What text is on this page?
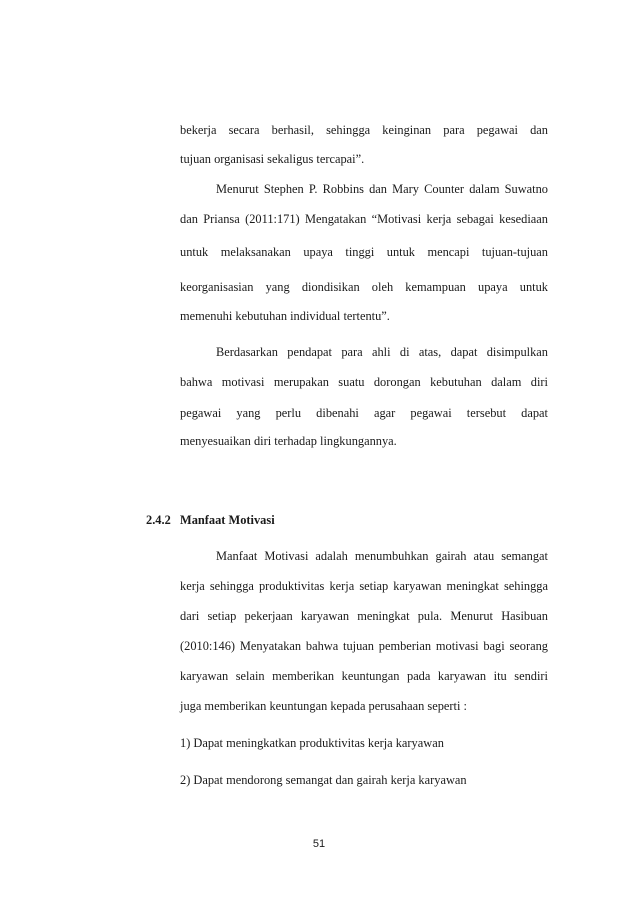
bekerja secara berhasil, sehingga keinginan para pegawai dan
tujuan organisasi sekaligus tercapai”.
Menurut Stephen P. Robbins dan Mary Counter dalam Suwatno
dan Priansa (2011:171) Mengatakan “Motivasi kerja sebagai kesediaan
untuk melaksanakan upaya tinggi untuk mencapi tujuan-tujuan
keorganisasian yang diondisikan oleh kemampuan upaya untuk
memenuhi kebutuhan individual tertentu”.
Berdasarkan pendapat para ahli di atas, dapat disimpulkan
bahwa motivasi merupakan suatu dorongan kebutuhan dalam diri
pegawai yang perlu dibenahi agar pegawai tersebut dapat
menyesuaikan diri terhadap lingkungannya.
2.4.2 Manfaat Motivasi
Manfaat Motivasi adalah menumbuhkan gairah atau semangat
kerja sehingga produktivitas kerja setiap karyawan meningkat sehingga
dari setiap pekerjaan karyawan meningkat pula. Menurut Hasibuan
(2010:146) Menyatakan bahwa tujuan pemberian motivasi bagi seorang
karyawan selain memberikan keuntungan pada karyawan itu sendiri
juga memberikan keuntungan kepada perusahaan seperti :
1) Dapat meningkatkan produktivitas kerja karyawan
2) Dapat mendorong semangat dan gairah kerja karyawan
51
